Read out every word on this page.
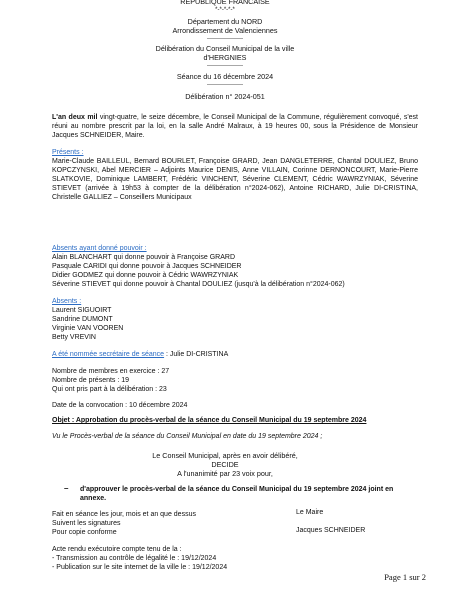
REPUBLIQUE FRANCAISE
*-*-*-*-*
Département du NORD
Arrondissement de Valenciennes
------------------
Délibération du Conseil Municipal de la ville
d'HERGNIES
------------------
Séance du 16 décembre 2024
------------------
Délibération n° 2024-051
L'an deux mil vingt-quatre, le seize décembre, le Conseil Municipal de la Commune, régulièrement convoqué, s'est réuni au nombre prescrit par la loi, en la salle André Malraux, à 19 heures 00, sous la Présidence de Monsieur Jacques SCHNEIDER, Maire.
Présents :
Marie-Claude BAILLEUL, Bernard BOURLET, Françoise GRARD, Jean DANGLETERRE, Chantal DOULIEZ, Bruno KOPCZYNSKI, Abel MERCIER – Adjoints Maurice DENIS, Anne VILLAIN, Corinne DERNONCOURT, Marie-Pierre SLATKOVIE, Dominique LAMBERT, Frédéric VINCHENT, Séverine CLEMENT, Cédric WAWRZYNIAK, Séverine STIEVET (arrivée à 19h53 à compter de la délibération n°2024-062), Antoine RICHARD, Julie DI-CRISTINA, Christelle GALLIEZ – Conseillers Municipaux
Absents ayant donné pouvoir :
Alain BLANCHART qui donne pouvoir à Françoise GRARD
Pasquale CARIDI qui donne pouvoir à Jacques SCHNEIDER
Didier GODMEZ qui donne pouvoir à Cédric WAWRZYNIAK
Séverine STIEVET qui donne pouvoir à Chantal DOULIEZ (jusqu'à la délibération n°2024-062)
Absents :
Laurent SIGUOIRT
Sandrine DUMONT
Virginie VAN VOOREN
Betty VREVIN
A été nommée secrétaire de séance : Julie DI-CRISTINA
Nombre de membres en exercice : 27
Nombre de présents : 19
Qui ont pris part à la délibération : 23
Date de la convocation : 10 décembre 2024
Objet : Approbation du procès-verbal de la séance du Conseil Municipal du 19 septembre 2024
Vu le Procès-verbal de la séance du Conseil Municipal en date du 19 septembre 2024 ;
Le Conseil Municipal, après en avoir délibéré,
DECIDE
A l'unanimité par 23 voix pour,
– d'approuver le procès-verbal de la séance du Conseil Municipal du 19 septembre 2024 joint en annexe.
Fait en séance les jour, mois et an que dessus
Suivent les signatures
Pour copie conforme
Le Maire
Jacques SCHNEIDER
Acte rendu exécutoire compte tenu de la :
- Transmission au contrôle de légalité le : 19/12/2024
- Publication sur le site internet de la ville le : 19/12/2024
Page 1 sur 2
